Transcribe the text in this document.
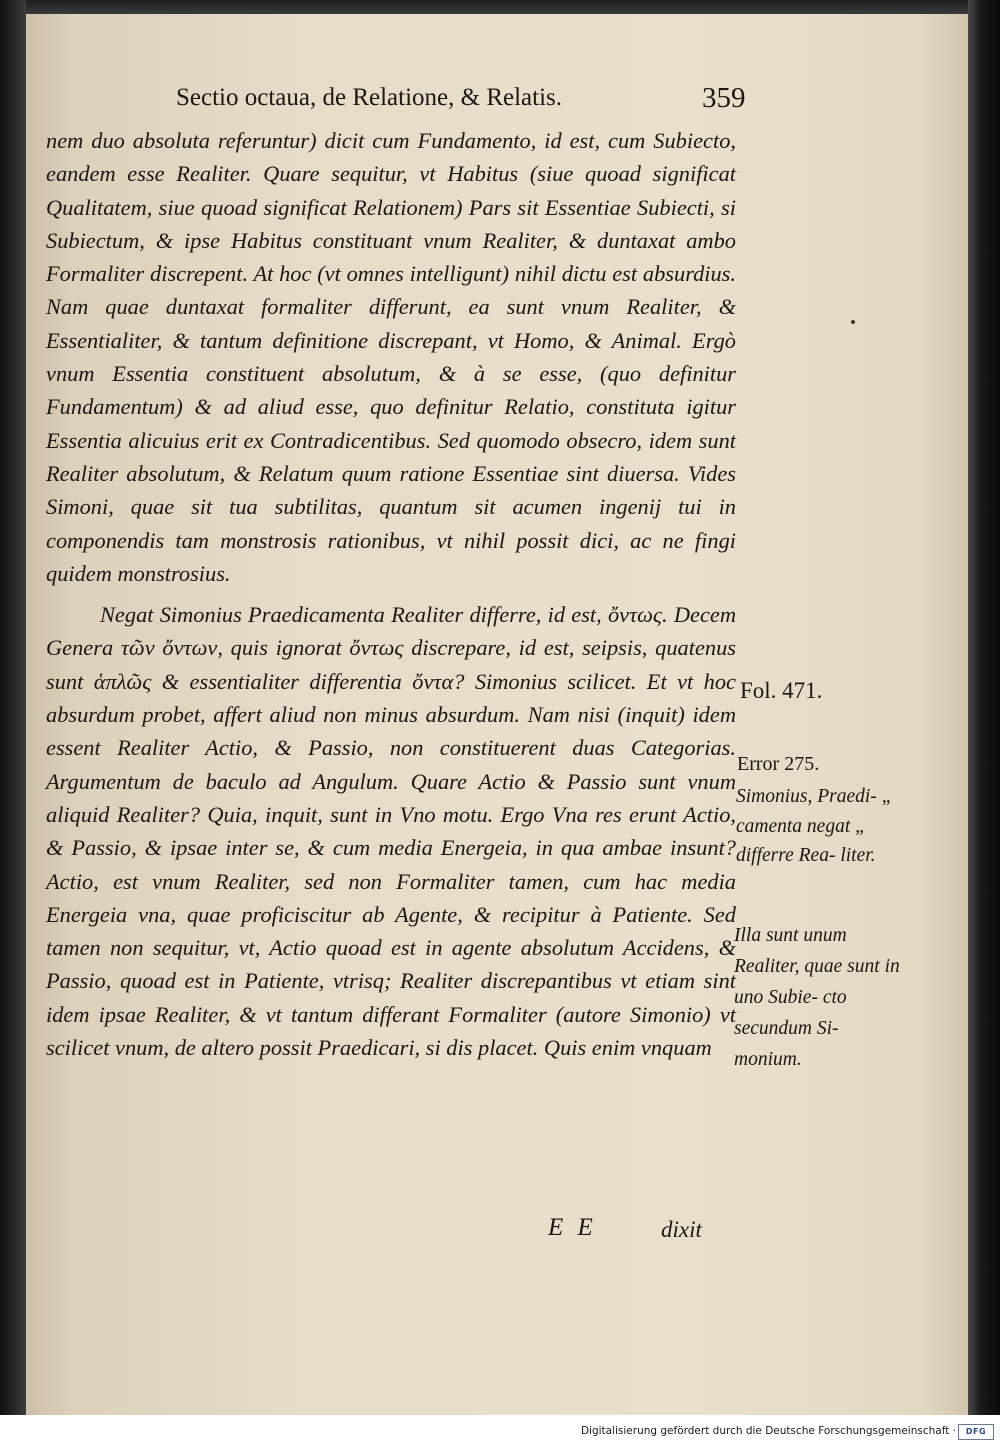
Sectio octaua, de Relatione, & Relatis.	359

nem duo absoluta referuntur) dicit cum Fundamento, id est, cum Subiecto, eandem esse Realiter. Quare sequitur, vt Habitus (siue quoad significat Qualitatem, siue quoad significat Relationem) Pars sit Essentiae Subiecti, si Subiectum, & ipse Habitus constituant vnum Realiter, & duntaxat ambo Formaliter discrepent. At hoc (vt omnes intelligunt) nihil dictu est absurdius. Nam quae duntaxat formaliter differunt, ea sunt vnum Realiter, & Essentialiter, & tantum definitione discrepant, vt Homo, & Animal. Ergò vnum Essentia constituent absolutum, & à se esse, (quo definitur Fundamentum) & ad aliud esse, quo definitur Relatio, constituta igitur Essentia alicuius erit ex Contradicentibus. Sed quomodo obsecro, idem sunt Realiter absolutum, & Relatum quum ratione Essentiae sint diuersa. Vides Simoni, quae sit tua subtilitas, quantum sit acumen ingenij tui in componendis tam monstrosis rationibus, vt nihil possit dici, ac ne fingi quidem monstrosius.

Negat Simonius Praedicamenta Realiter differre, id est, ὄντως. Decem Genera τῶν ὄντων, quis ignorat ὄντως discrepare, id est, seipsis, quatenus sunt ἁπλῶς & essentialiter differentia ὄντα? Simonius scilicet. Et vt hoc absurdum probet, affert aliud non minus absurdum. Nam nisi (inquit) idem essent Realiter Actio, & Passio, non constituerent duas Categorias. Argumentum de baculo ad Angulum. Quare Actio & Passio sunt vnum aliquid Realiter? Quia, inquit, sunt in Vno motu. Ergo Vna res erunt Actio, & Passio, & ipsae inter se, & cum media Energeia, in qua ambae insunt? Actio, est vnum Realiter, sed non Formaliter tamen, cum hac media Energeia vna, quae proficiscitur ab Agente, & recipitur à Patiente. Sed tamen non sequitur, vt, Actio quoad est in agente absolutum Accidens, & Passio, quoad est in Patiente, vtrisq; Realiter discrepantibus vt etiam sint idem ipsae Realiter, & vt tantum differant Formaliter (autore Simonio) vt scilicet vnum, de altero possit Praedicari, si dis placet. Quis enim vnquam

Fol. 471.
Error 275.
Simonius, Praedi‑ „ camenta negat „ differre Rea‑ liter.
Illa sunt unum Realiter, quae sunt in uno Subie‑ cto secundum Si‑ monium.
E E	dixit
Digitalisierung gefördert durch die Deutsche Forschungsgemeinschaft ·	DFG
